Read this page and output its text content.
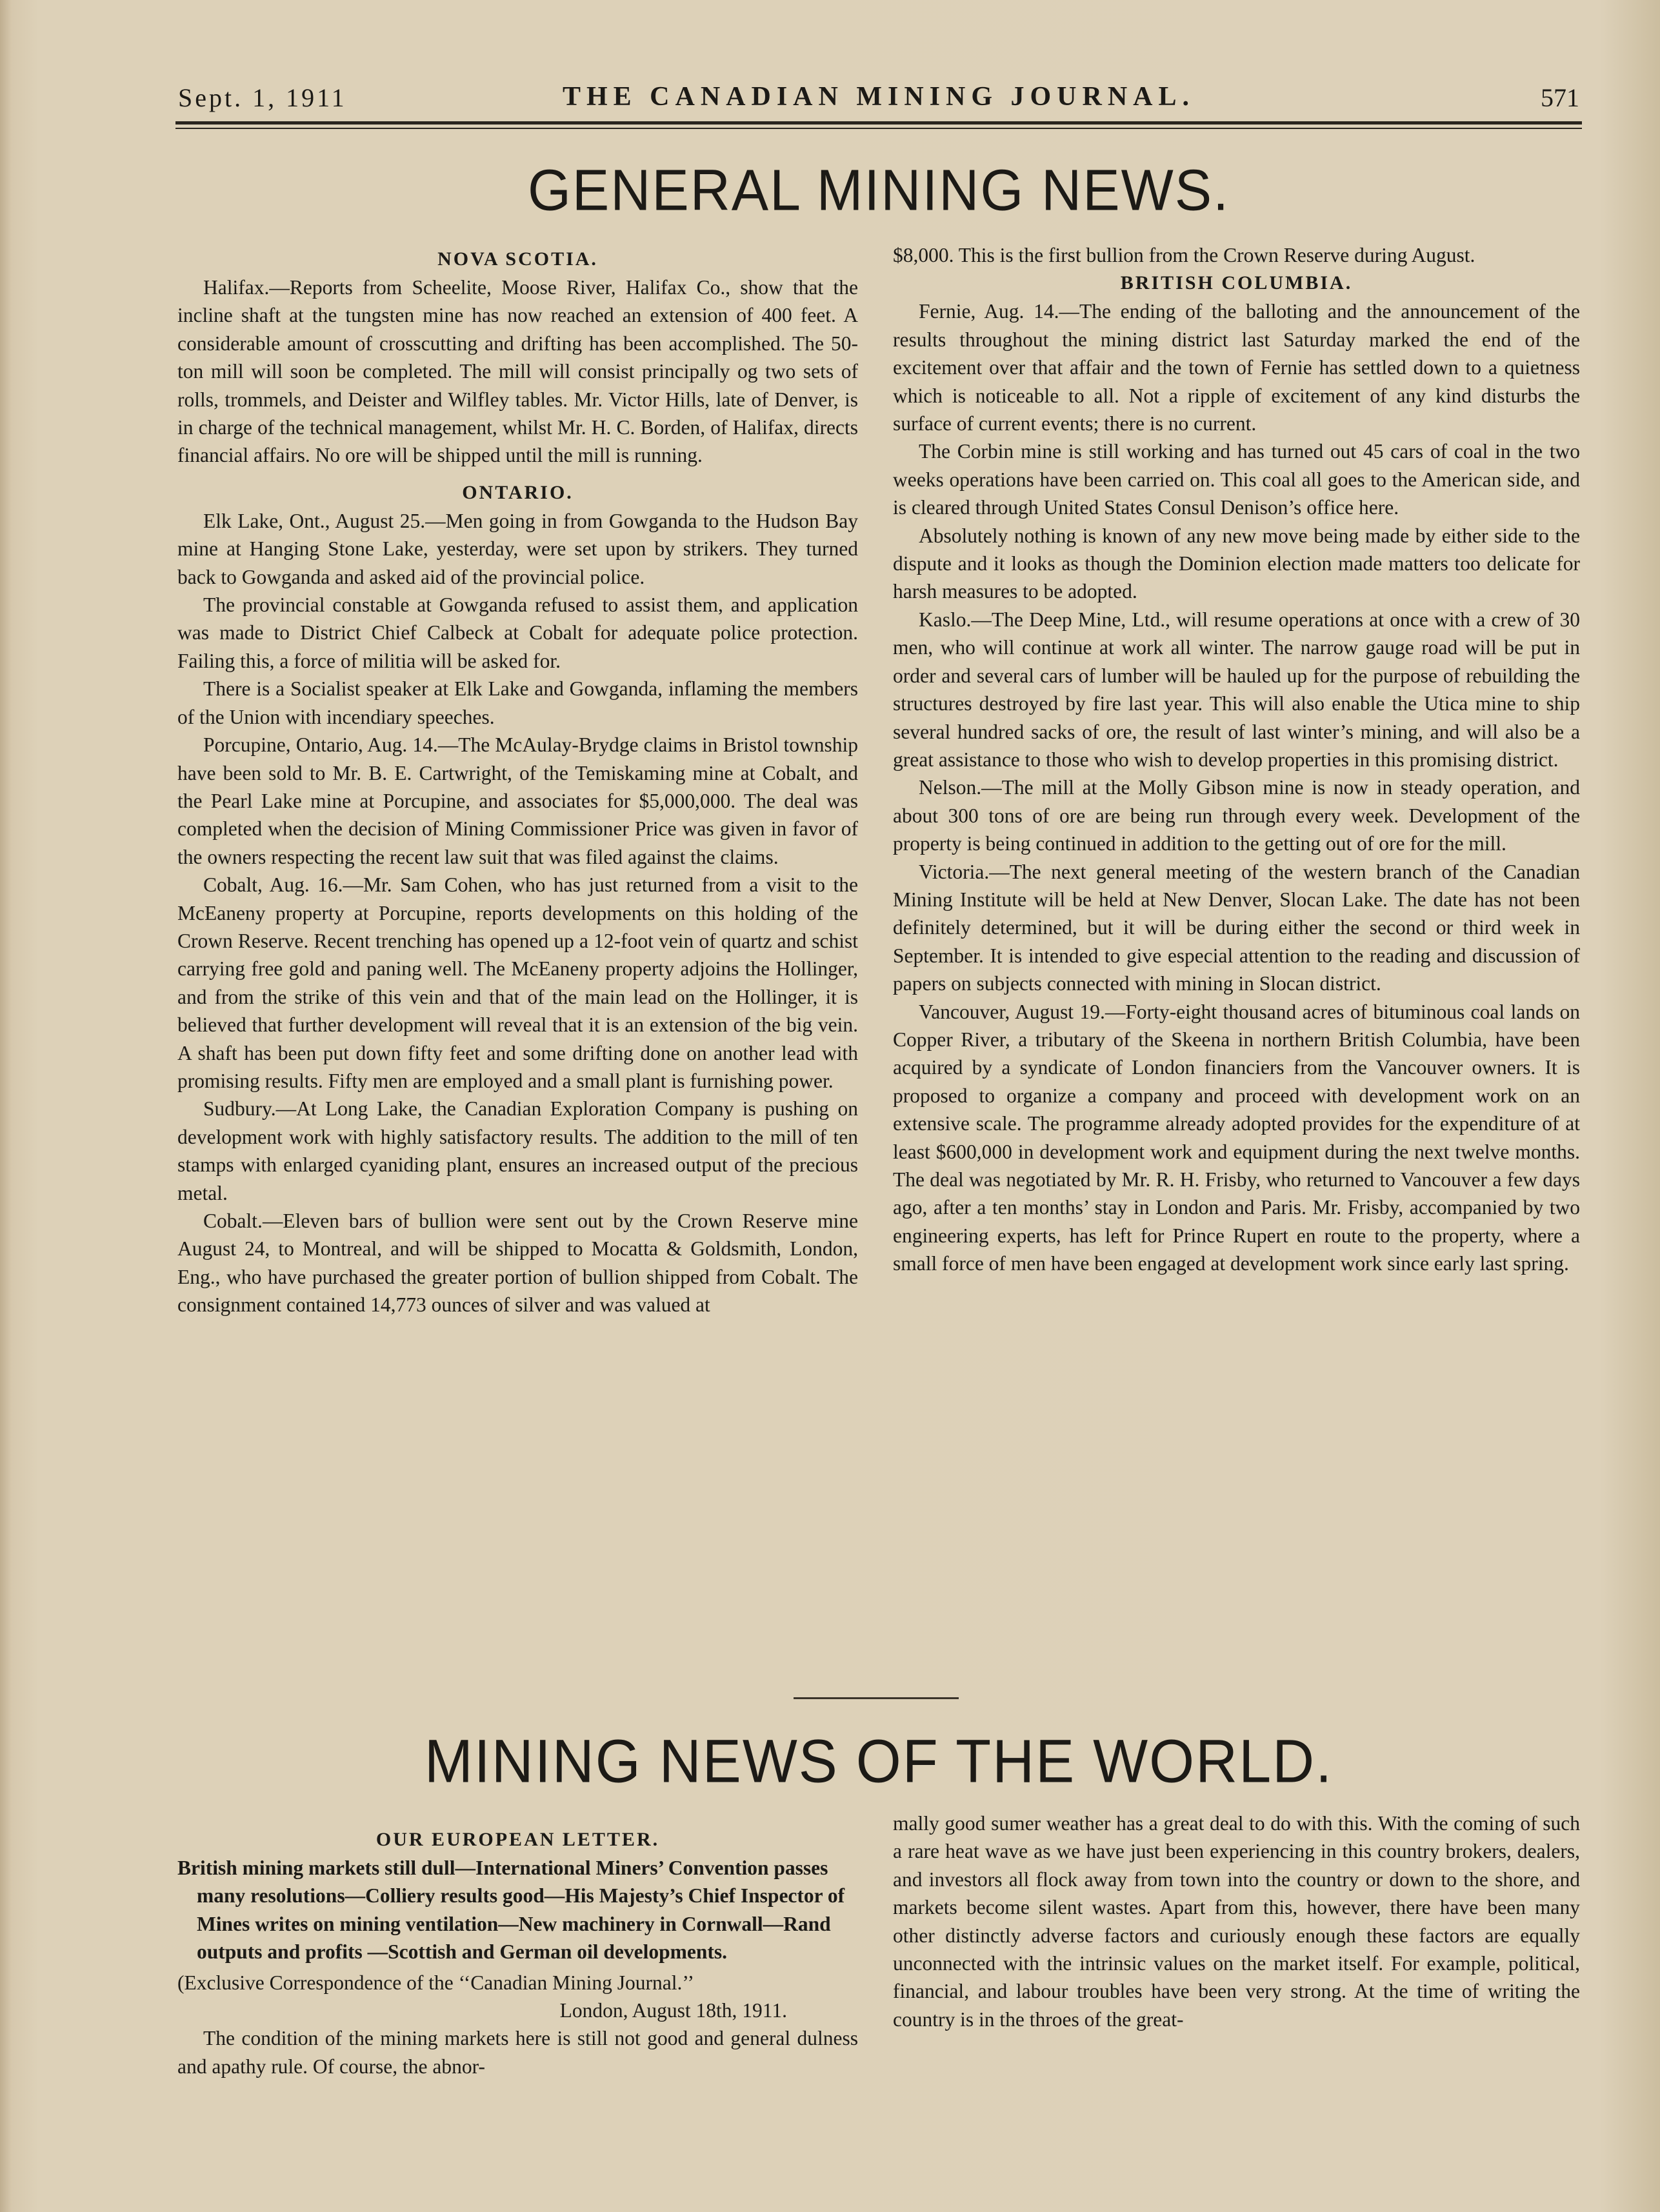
Sept. 1, 1911	THE CANADIAN MINING JOURNAL.	571
GENERAL MINING NEWS.
NOVA SCOTIA.

Halifax.—Reports from Scheelite, Moose River, Halifax Co., show that the incline shaft at the tungsten mine has now reached an extension of 400 feet. A considerable amount of crosscutting and drifting has been accomplished. The 50-ton mill will soon be completed. The mill will consist principally og two sets of rolls, trommels, and Deister and Wilfley tables. Mr. Victor Hills, late of Denver, is in charge of the technical management, whilst Mr. H. C. Borden, of Halifax, directs financial affairs. No ore will be shipped until the mill is running.

ONTARIO.

Elk Lake, Ont., August 25.—Men going in from Gowganda to the Hudson Bay mine at Hanging Stone Lake, yesterday, were set upon by strikers. They turned back to Gowganda and asked aid of the provincial police.

The provincial constable at Gowganda refused to assist them, and application was made to District Chief Calbeck at Cobalt for adequate police protection. Failing this, a force of militia will be asked for.

There is a Socialist speaker at Elk Lake and Gowganda, inflaming the members of the Union with incendiary speeches.

Porcupine, Ontario, Aug. 14.—The McAulay-Brydge claims in Bristol township have been sold to Mr. B. E. Cartwright, of the Temiskaming mine at Cobalt, and the Pearl Lake mine at Porcupine, and associates for $5,000,000. The deal was completed when the decision of Mining Commissioner Price was given in favor of the owners respecting the recent law suit that was filed against the claims.

Cobalt, Aug. 16.—Mr. Sam Cohen, who has just returned from a visit to the McEaneny property at Porcupine, reports developments on this holding of the Crown Reserve. Recent trenching has opened up a 12-foot vein of quartz and schist carrying free gold and paning well. The McEaneny property adjoins the Hollinger, and from the strike of this vein and that of the main lead on the Hollinger, it is believed that further development will reveal that it is an extension of the big vein. A shaft has been put down fifty feet and some drifting done on another lead with promising results. Fifty men are employed and a small plant is furnishing power.

Sudbury.—At Long Lake, the Canadian Exploration Company is pushing on development work with highly satisfactory results. The addition to the mill of ten stamps with enlarged cyaniding plant, ensures an increased output of the precious metal.

Cobalt.—Eleven bars of bullion were sent out by the Crown Reserve mine August 24, to Montreal, and will be shipped to Mocatta & Goldsmith, London, Eng., who have purchased the greater portion of bullion shipped from Cobalt. The consignment contained 14,773 ounces of silver and was valued at

$8,000. This is the first bullion from the Crown Reserve during August.

BRITISH COLUMBIA.

Fernie, Aug. 14.—The ending of the balloting and the announcement of the results throughout the mining district last Saturday marked the end of the excitement over that affair and the town of Fernie has settled down to a quietness which is noticeable to all. Not a ripple of excitement of any kind disturbs the surface of current events; there is no current.

The Corbin mine is still working and has turned out 45 cars of coal in the two weeks operations have been carried on. This coal all goes to the American side, and is cleared through United States Consul Denison’s office here.

Absolutely nothing is known of any new move being made by either side to the dispute and it looks as though the Dominion election made matters too delicate for harsh measures to be adopted.

Kaslo.—The Deep Mine, Ltd., will resume operations at once with a crew of 30 men, who will continue at work all winter. The narrow gauge road will be put in order and several cars of lumber will be hauled up for the purpose of rebuilding the structures destroyed by fire last year. This will also enable the Utica mine to ship several hundred sacks of ore, the result of last winter’s mining, and will also be a great assistance to those who wish to develop properties in this promising district.

Nelson.—The mill at the Molly Gibson mine is now in steady operation, and about 300 tons of ore are being run through every week. Development of the property is being continued in addition to the getting out of ore for the mill.

Victoria.—The next general meeting of the western branch of the Canadian Mining Institute will be held at New Denver, Slocan Lake. The date has not been definitely determined, but it will be during either the second or third week in September. It is intended to give especial attention to the reading and discussion of papers on subjects connected with mining in Slocan district.

Vancouver, August 19.—Forty-eight thousand acres of bituminous coal lands on Copper River, a tributary of the Skeena in northern British Columbia, have been acquired by a syndicate of London financiers from the Vancouver owners. It is proposed to organize a company and proceed with development work on an extensive scale. The programme already adopted provides for the expenditure of at least $600,000 in development work and equipment during the next twelve months. The deal was negotiated by Mr. R. H. Frisby, who returned to Vancouver a few days ago, after a ten months’ stay in London and Paris. Mr. Frisby, accompanied by two engineering experts, has left for Prince Rupert en route to the property, where a small force of men have been engaged at development work since early last spring.

MINING NEWS OF THE WORLD.
OUR EUROPEAN LETTER.

British mining markets still dull—International Miners’ Convention passes many resolutions—Colliery results good—His Majesty’s Chief Inspector of Mines writes on mining ventilation—New machinery in Cornwall—Rand outputs and profits —Scottish and German oil developments.

(Exclusive Correspondence of the ‘‘Canadian Mining Journal.’’

London, August 18th, 1911.

The condition of the mining markets here is still not good and general dulness and apathy rule. Of course, the abnor-

mally good sumer weather has a great deal to do with this. With the coming of such a rare heat wave as we have just been experiencing in this country brokers, dealers, and investors all flock away from town into the country or down to the shore, and markets become silent wastes. Apart from this, however, there have been many other distinctly adverse factors and curiously enough these factors are equally unconnected with the intrinsic values on the market itself. For example, political, financial, and labour troubles have been very strong. At the time of writing the country is in the throes of the great-
